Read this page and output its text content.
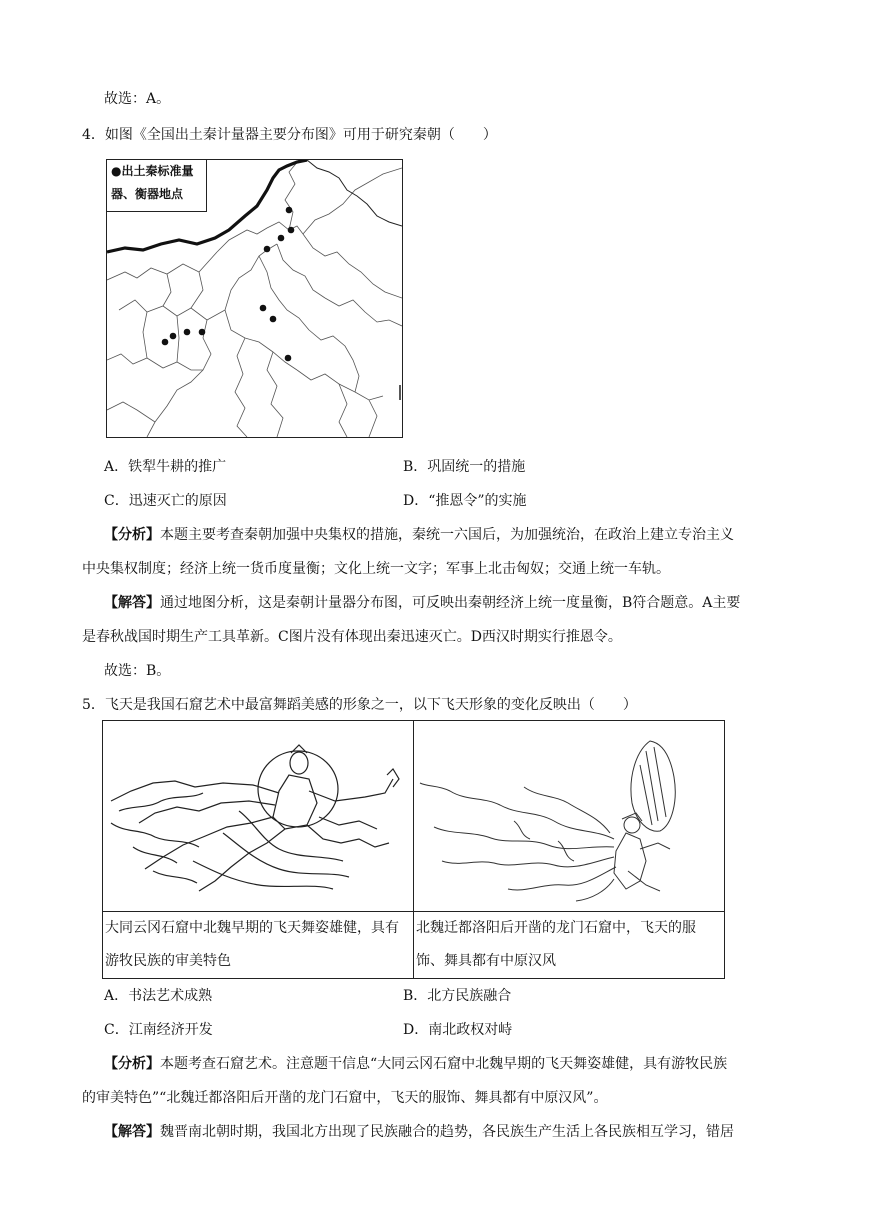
故选：A。
4．如图《全国出土秦计量器主要分布图》可用于研究秦朝（　　）
●出土秦标准量
器、衡器地点
A．铁犁牛耕的推广	B．巩固统一的措施
C．迅速灭亡的原因	D．“推恩令”的实施
【分析】本题主要考查秦朝加强中央集权的措施，秦统一六国后，为加强统治，在政治上建立专治主义
中央集权制度；经济上统一货币度量衡；文化上统一文字；军事上北击匈奴；交通上统一车轨。
【解答】通过地图分析，这是秦朝计量器分布图，可反映出秦朝经济上统一度量衡，B符合题意。A主要
是春秋战国时期生产工具革新。C图片没有体现出秦迅速灭亡。D西汉时期实行推恩令。
故选：B。
5．飞天是我国石窟艺术中最富舞蹈美感的形象之一，以下飞天形象的变化反映出（　　）

大同云冈石窟中北魏早期的飞天舞姿雄健，具有游牧民族的审美特色	北魏迁都洛阳后开凿的龙门石窟中，飞天的服饰、舞具都有中原汉风
A．书法艺术成熟	B．北方民族融合
C．江南经济开发	D．南北政权对峙
【分析】本题考查石窟艺术。注意题干信息“大同云冈石窟中北魏早期的飞天舞姿雄健，具有游牧民族
的审美特色”“北魏迁都洛阳后开凿的龙门石窟中，飞天的服饰、舞具都有中原汉风”。
【解答】魏晋南北朝时期，我国北方出现了民族融合的趋势，各民族生产生活上各民族相互学习，错居
